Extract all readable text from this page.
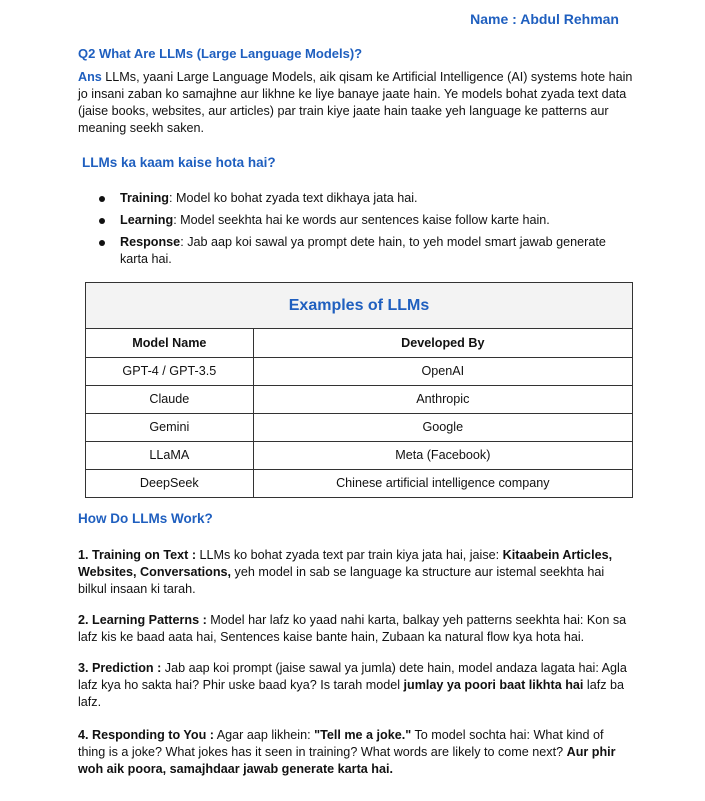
Name : Abdul Rehman
Q2 What Are LLMs (Large Language Models)?
Ans LLMs, yaani Large Language Models, aik qisam ke Artificial Intelligence (AI) systems hote hain jo insani zaban ko samajhne aur likhne ke liye banaye jaate hain. Ye models bohat zyada text data (jaise books, websites, aur articles) par train kiye jaate hain taake yeh language ke patterns aur meaning seekh saken.
LLMs ka kaam kaise hota hai?
Training: Model ko bohat zyada text dikhaya jata hai.
Learning: Model seekhta hai ke words aur sentences kaise follow karte hain.
Response: Jab aap koi sawal ya prompt dete hain, to yeh model smart jawab generate karta hai.
Examples of LLMs	
Model Name	Developed By
GPT-4 / GPT-3.5	OpenAI
Claude	Anthropic
Gemini	Google
LLaMA	Meta (Facebook)
DeepSeek	Chinese artificial intelligence company
How Do LLMs Work?
1. Training on Text : LLMs ko bohat zyada text par train kiya jata hai, jaise: Kitaabein Articles, Websites, Conversations, yeh model in sab se language ka structure aur istemal seekhta hai bilkul insaan ki tarah.
2. Learning Patterns : Model har lafz ko yaad nahi karta, balkay yeh patterns seekhta hai: Kon sa lafz kis ke baad aata hai, Sentences kaise bante hain, Zubaan ka natural flow kya hota hai.
3. Prediction : Jab aap koi prompt (jaise sawal ya jumla) dete hain, model andaza lagata hai: Agla lafz kya ho sakta hai? Phir uske baad kya? Is tarah model jumlay ya poori baat likhta hai lafz ba lafz.
4. Responding to You : Agar aap likhein: "Tell me a joke." To model sochta hai: What kind of thing is a joke? What jokes has it seen in training? What words are likely to come next? Aur phir woh aik poora, samajhdaar jawab generate karta hai.
